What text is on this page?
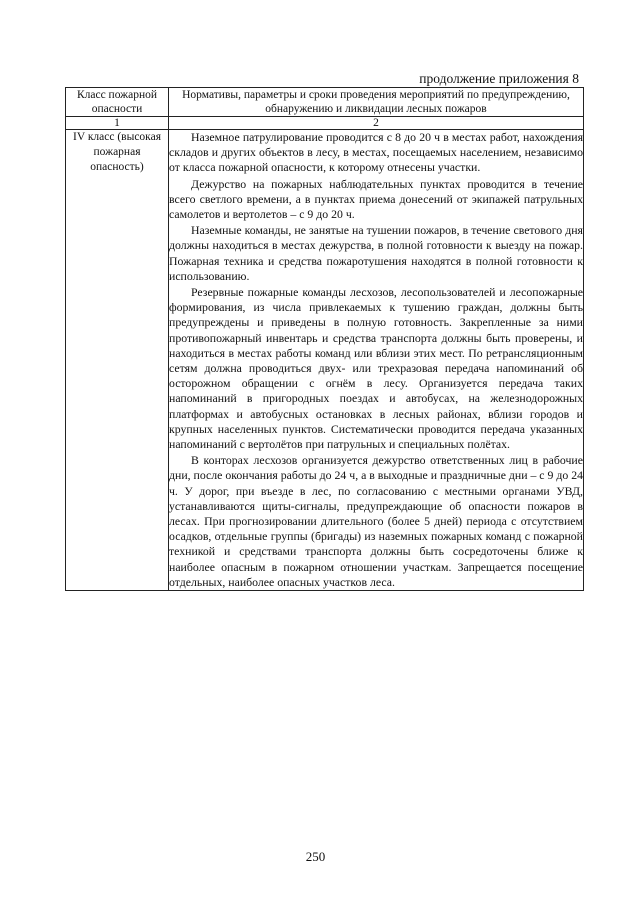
продолжение приложения 8
Класс пожарной опасности	Нормативы, параметры и сроки проведения мероприятий по предупреждению, обнаружению и ликвидации лесных пожаров
1	2
IV класс (высокая пожарная опасность)	Наземное патрулирование проводится с 8 до 20 ч в местах работ, нахождения складов и других объектов в лесу, в местах, посещаемых населением, независимо от класса пожарной опасности, к которому отнесены участки.

Дежурство на пожарных наблюдательных пунктах проводится в течение всего светлого времени, а в пунктах приема донесений от экипажей патрульных самолетов и вертолетов – с 9 до 20 ч.

Наземные команды, не занятые на тушении пожаров, в течение светового дня должны находиться в местах дежурства, в полной готовности к выезду на пожар. Пожарная техника и средства пожаротушения находятся в полной готовности к использованию.

Резервные пожарные команды лесхозов, лесопользователей и лесопожарные формирования, из числа привлекаемых к тушению граждан, должны быть предупреждены и приведены в полную готовность. Закрепленные за ними противопожарный инвентарь и средства транспорта должны быть проверены, и находиться в местах работы команд или вблизи этих мест. По ретрансляционным сетям должна проводиться двух- или трехразовая передача напоминаний об осторожном обращении с огнём в лесу. Организуется передача таких напоминаний в пригородных поездах и автобусах, на железнодорожных платформах и автобусных остановках в лесных районах, вблизи городов и крупных населенных пунктов. Систематически проводится передача указанных напоминаний с вертолётов при патрульных и специальных полётах.

В конторах лесхозов организуется дежурство ответственных лиц в рабочие дни, после окончания работы до 24 ч, а в выходные и праздничные дни – с 9 до 24 ч. У дорог, при въезде в лес, по согласованию с местными органами УВД, устанавливаются щиты-сигналы, предупреждающие об опасности пожаров в лесах. При прогнозировании длительного (более 5 дней) периода с отсутствием осадков, отдельные группы (бригады) из наземных пожарных команд с пожарной техникой и средствами транспорта должны быть сосредоточены ближе к наиболее опасным в пожарном отношении участкам. Запрещается посещение отдельных, наиболее опасных участков леса.

250
